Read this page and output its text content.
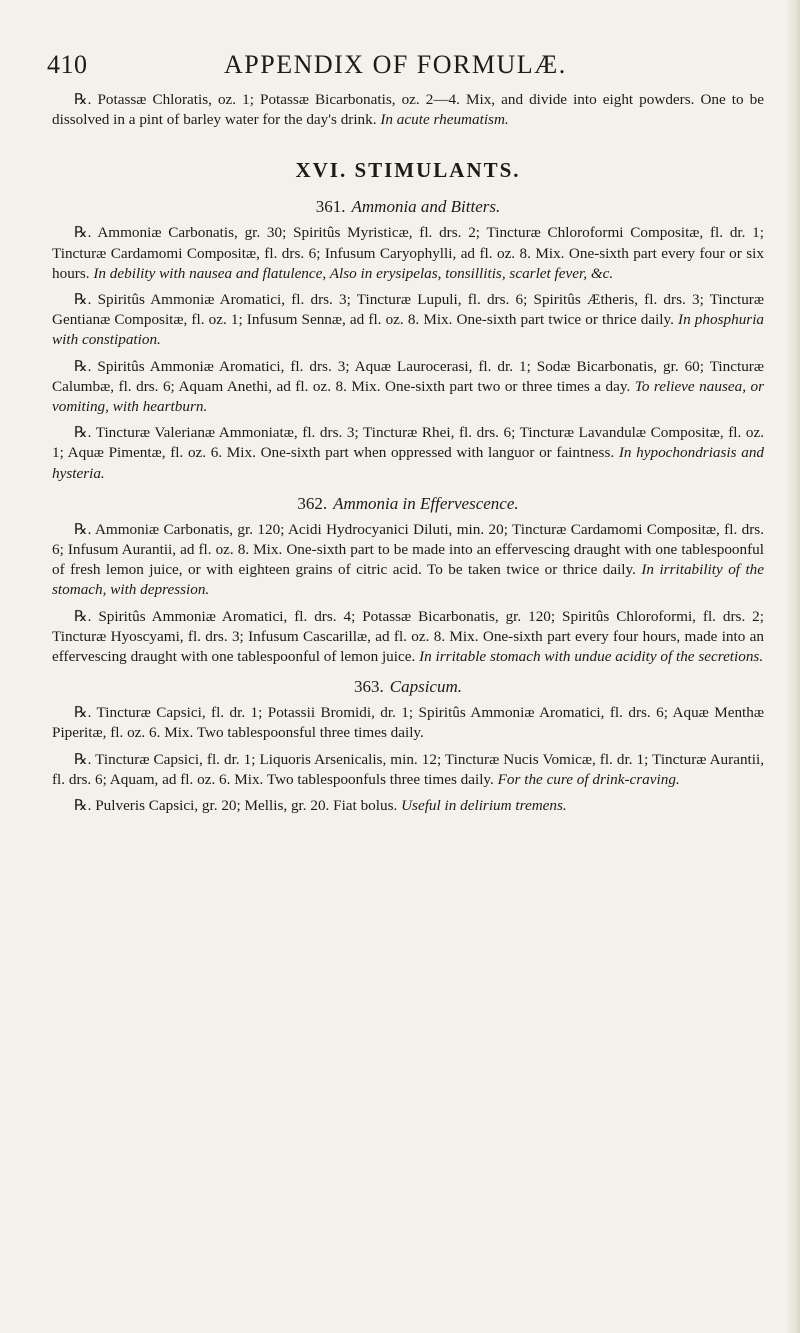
410	APPENDIX OF FORMULÆ.

℞. Potassæ Chloratis, oz. 1; Potassæ Bicarbonatis, oz. 2—4. Mix, and divide into eight powders. One to be dissolved in a pint of barley water for the day's drink. In acute rheumatism.

XVI. STIMULANTS.
361. Ammonia and Bitters.

℞. Ammoniæ Carbonatis, gr. 30; Spiritûs Myristicæ, fl. drs. 2; Tincturæ Chloroformi Compositæ, fl. dr. 1; Tincturæ Cardamomi Compositæ, fl. drs. 6; Infusum Caryophylli, ad fl. oz. 8. Mix. One-sixth part every four or six hours. In debility with nausea and flatulence, Also in erysipelas, tonsillitis, scarlet fever, &c.

℞. Spiritûs Ammoniæ Aromatici, fl. drs. 3; Tincturæ Lupuli, fl. drs. 6; Spiritûs Ætheris, fl. drs. 3; Tincturæ Gentianæ Compositæ, fl. oz. 1; Infusum Sennæ, ad fl. oz. 8. Mix. One-sixth part twice or thrice daily. In phosphuria with constipation.

℞. Spiritûs Ammoniæ Aromatici, fl. drs. 3; Aquæ Laurocerasi, fl. dr. 1; Sodæ Bicarbonatis, gr. 60; Tincturæ Calumbæ, fl. drs. 6; Aquam Anethi, ad fl. oz. 8. Mix. One-sixth part two or three times a day. To relieve nausea, or vomiting, with heartburn.

℞. Tincturæ Valerianæ Ammoniatæ, fl. drs. 3; Tincturæ Rhei, fl. drs. 6; Tincturæ Lavandulæ Compositæ, fl. oz. 1; Aquæ Pimentæ, fl. oz. 6. Mix. One-sixth part when oppressed with languor or faintness. In hypochondriasis and hysteria.

362. Ammonia in Effervescence.

℞. Ammoniæ Carbonatis, gr. 120; Acidi Hydrocyanici Diluti, min. 20; Tincturæ Cardamomi Compositæ, fl. drs. 6; Infusum Aurantii, ad fl. oz. 8. Mix. One-sixth part to be made into an effervescing draught with one tablespoonful of fresh lemon juice, or with eighteen grains of citric acid. To be taken twice or thrice daily. In irritability of the stomach, with depression.

℞. Spiritûs Ammoniæ Aromatici, fl. drs. 4; Potassæ Bicarbonatis, gr. 120; Spiritûs Chloroformi, fl. drs. 2; Tincturæ Hyoscyami, fl. drs. 3; Infusum Cascarillæ, ad fl. oz. 8. Mix. One-sixth part every four hours, made into an effervescing draught with one tablespoonful of lemon juice. In irritable stomach with undue acidity of the secretions.

363. Capsicum.

℞. Tincturæ Capsici, fl. dr. 1; Potassii Bromidi, dr. 1; Spiritûs Ammoniæ Aromatici, fl. drs. 6; Aquæ Menthæ Piperitæ, fl. oz. 6. Mix. Two tablespoonsful three times daily.

℞. Tincturæ Capsici, fl. dr. 1; Liquoris Arsenicalis, min. 12; Tincturæ Nucis Vomicæ, fl. dr. 1; Tincturæ Aurantii, fl. drs. 6; Aquam, ad fl. oz. 6. Mix. Two tablespoonfuls three times daily. For the cure of drink-craving.

℞. Pulveris Capsici, gr. 20; Mellis, gr. 20. Fiat bolus. Useful in delirium tremens.
